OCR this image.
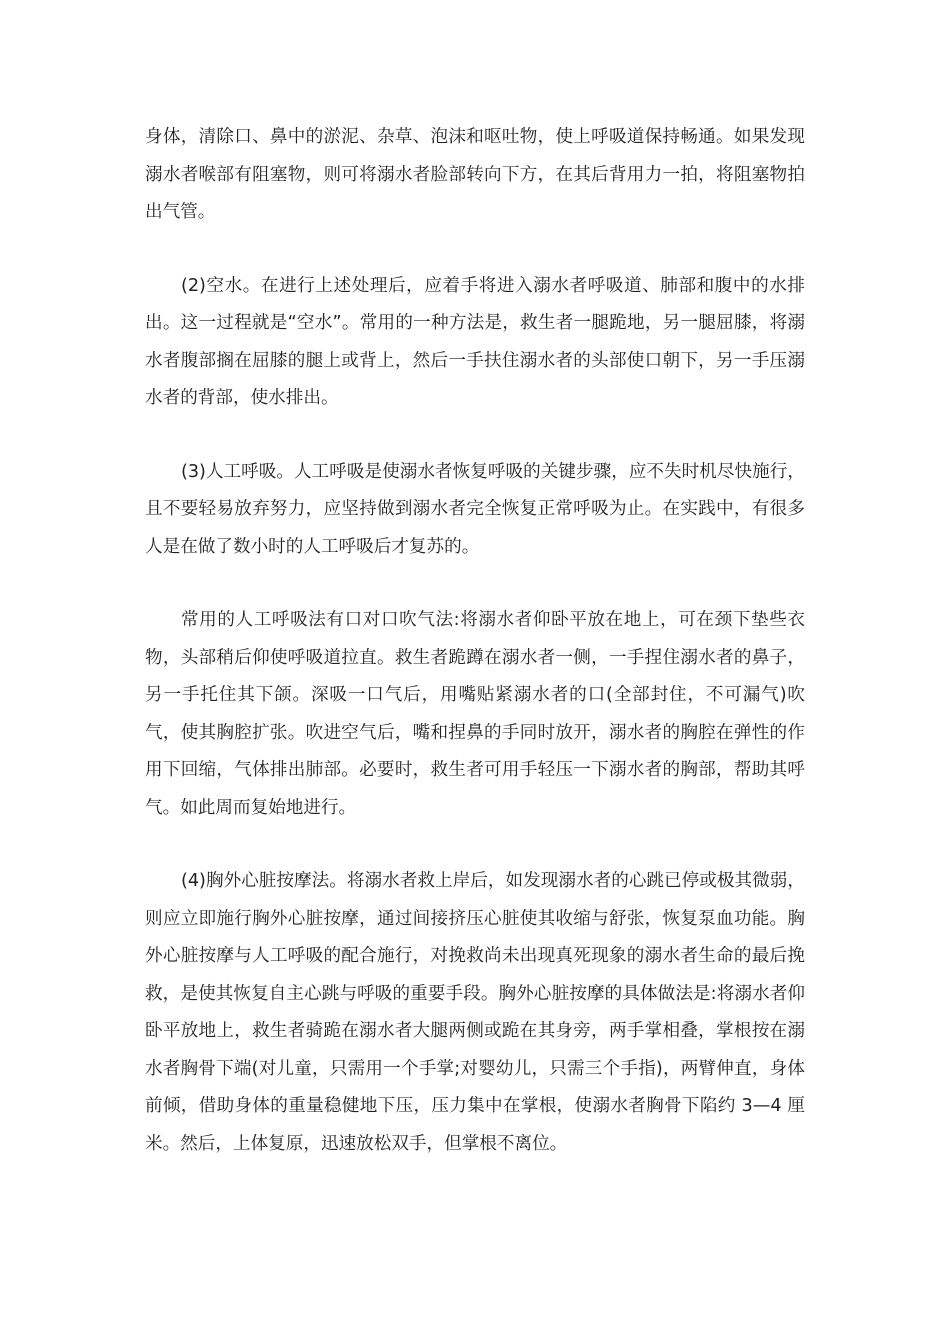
身体，清除口、鼻中的淤泥、杂草、泡沫和呕吐物，使上呼吸道保持畅通。如果发现溺水者喉部有阻塞物，则可将溺水者脸部转向下方，在其后背用力一拍，将阻塞物拍出气管。

(2)空水。在进行上述处理后，应着手将进入溺水者呼吸道、肺部和腹中的水排出。这一过程就是“空水”。常用的一种方法是，救生者一腿跪地，另一腿屈膝，将溺水者腹部搁在屈膝的腿上或背上，然后一手扶住溺水者的头部使口朝下，另一手压溺水者的背部，使水排出。

(3)人工呼吸。人工呼吸是使溺水者恢复呼吸的关键步骤，应不失时机尽快施行，且不要轻易放弃努力，应坚持做到溺水者完全恢复正常呼吸为止。在实践中，有很多人是在做了数小时的人工呼吸后才复苏的。

常用的人工呼吸法有口对口吹气法:将溺水者仰卧平放在地上，可在颈下垫些衣物，头部稍后仰使呼吸道拉直。救生者跪蹲在溺水者一侧，一手捏住溺水者的鼻子，另一手托住其下颌。深吸一口气后，用嘴贴紧溺水者的口(全部封住，不可漏气)吹气，使其胸腔扩张。吹进空气后，嘴和捏鼻的手同时放开，溺水者的胸腔在弹性的作用下回缩，气体排出肺部。必要时，救生者可用手轻压一下溺水者的胸部，帮助其呼气。如此周而复始地进行。

(4)胸外心脏按摩法。将溺水者救上岸后，如发现溺水者的心跳已停或极其微弱，则应立即施行胸外心脏按摩，通过间接挤压心脏使其收缩与舒张，恢复泵血功能。胸外心脏按摩与人工呼吸的配合施行，对挽救尚未出现真死现象的溺水者生命的最后挽救，是使其恢复自主心跳与呼吸的重要手段。胸外心脏按摩的具体做法是:将溺水者仰卧平放地上，救生者骑跪在溺水者大腿两侧或跪在其身旁，两手掌相叠，掌根按在溺水者胸骨下端(对儿童，只需用一个手掌;对婴幼儿，只需三个手指)，两臂伸直，身体前倾，借助身体的重量稳健地下压，压力集中在掌根，使溺水者胸骨下陷约 3—4 厘米。然后，上体复原，迅速放松双手，但掌根不离位。
